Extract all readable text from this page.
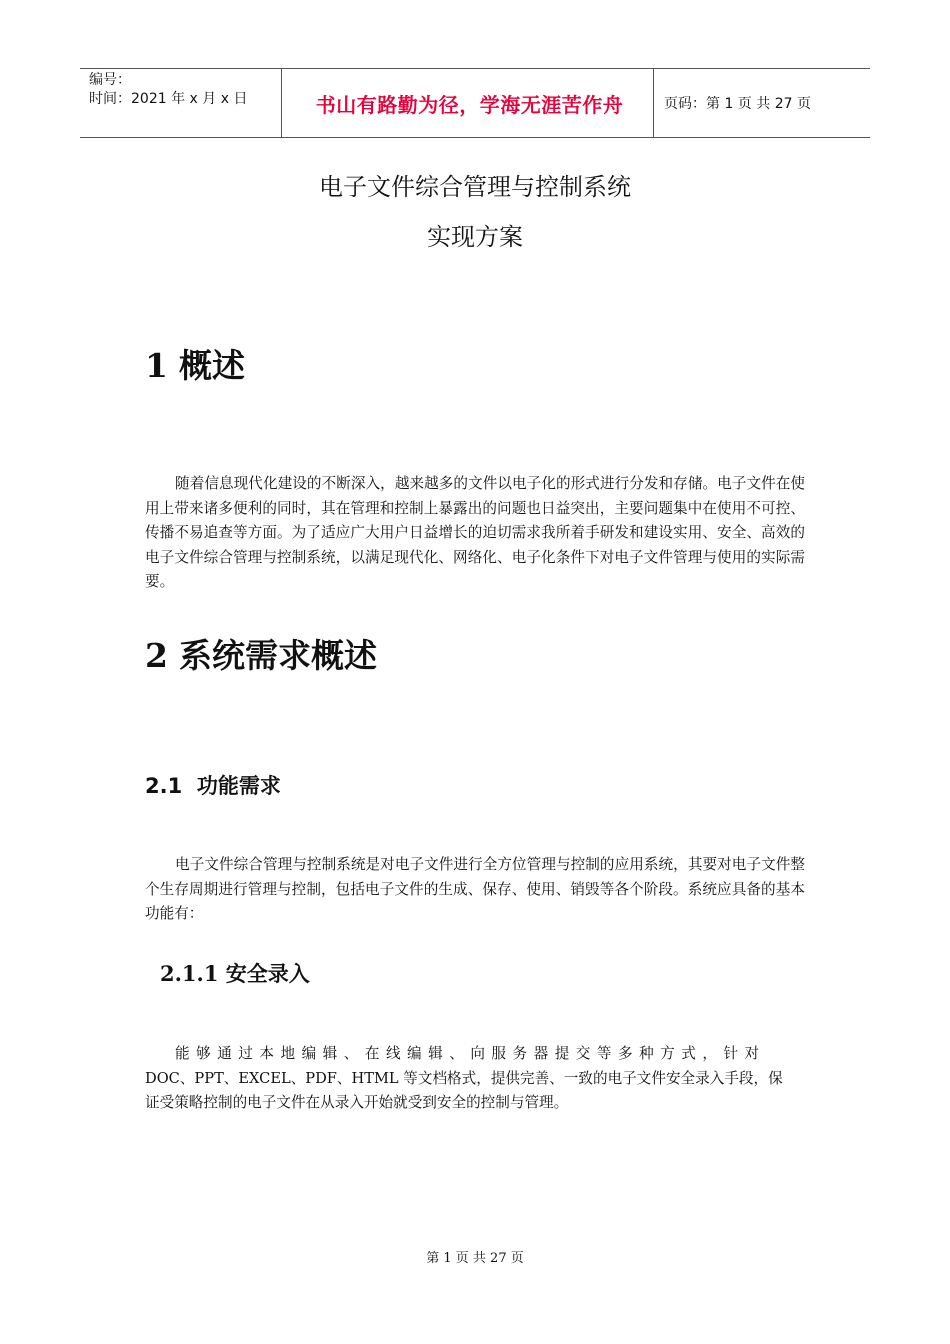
编号：
时间：2021 年 x 月 x 日	书山有路勤为径，学海无涯苦作舟	页码：第 1 页 共 27 页
电子文件综合管理与控制系统
实现方案
1 概述
随着信息现代化建设的不断深入，越来越多的文件以电子化的形式进行分发和存储。电子文件在使用上带来诸多便利的同时，其在管理和控制上暴露出的问题也日益突出，主要问题集中在使用不可控、传播不易追查等方面。为了适应广大用户日益增长的迫切需求我所着手研发和建设实用、安全、高效的电子文件综合管理与控制系统，以满足现代化、网络化、电子化条件下对电子文件管理与使用的实际需要。
2 系统需求概述
2.1 功能需求
电子文件综合管理与控制系统是对电子文件进行全方位管理与控制的应用系统，其要对电子文件整个生存周期进行管理与控制，包括电子文件的生成、保存、使用、销毁等各个阶段。系统应具备的基本功能有：
2.1.1 安全录入
能够通过本地编辑、在线编辑、向服务器提交等多种方式，针对
DOC、PPT、EXCEL、PDF、HTML 等文档格式，提供完善、一致的电子文件安全录入手段，保
证受策略控制的电子文件在从录入开始就受到安全的控制与管理。
第 1 页 共 27 页
